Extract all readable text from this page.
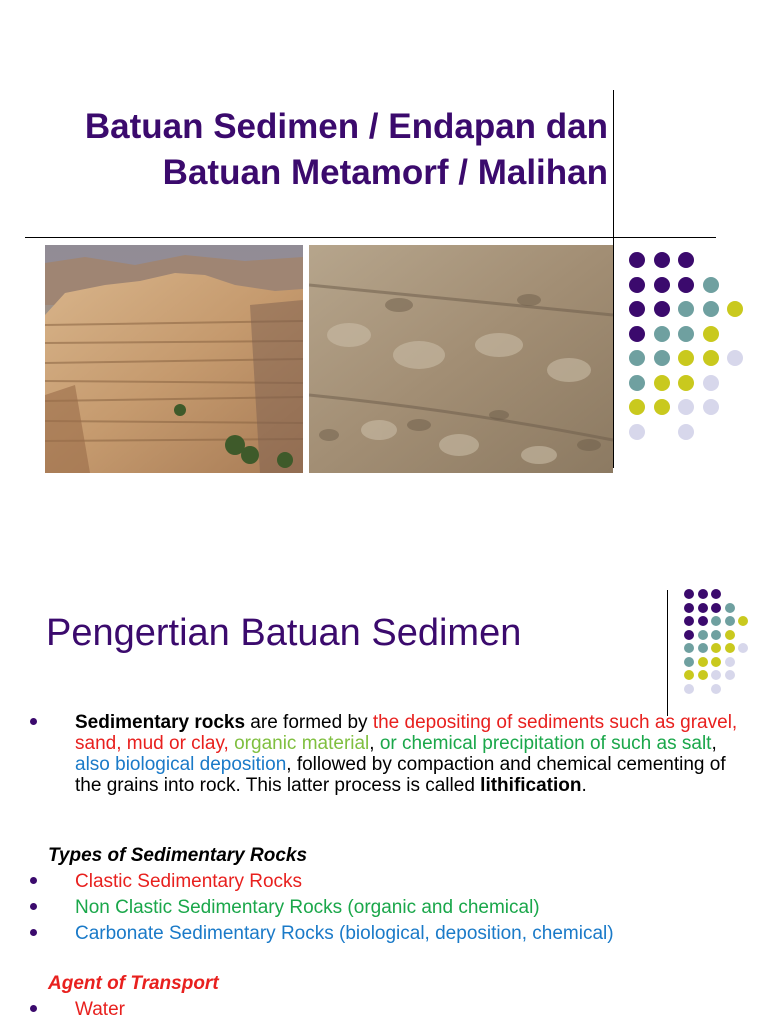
Batuan Sedimen / Endapan dan
Batuan Metamorf / Malihan
Pengertian Batuan Sedimen
Sedimentary rocks are formed by the depositing of sediments such as gravel, sand, mud or clay, organic material, or chemical precipitation of such as salt, also biological deposition, followed by compaction and chemical cementing of the grains into rock. This latter process is called lithification.
Types of Sedimentary Rocks
Clastic Sedimentary Rocks
Non Clastic Sedimentary Rocks (organic and chemical)
Carbonate Sedimentary Rocks (biological, deposition, chemical)
Agent of Transport
Water
